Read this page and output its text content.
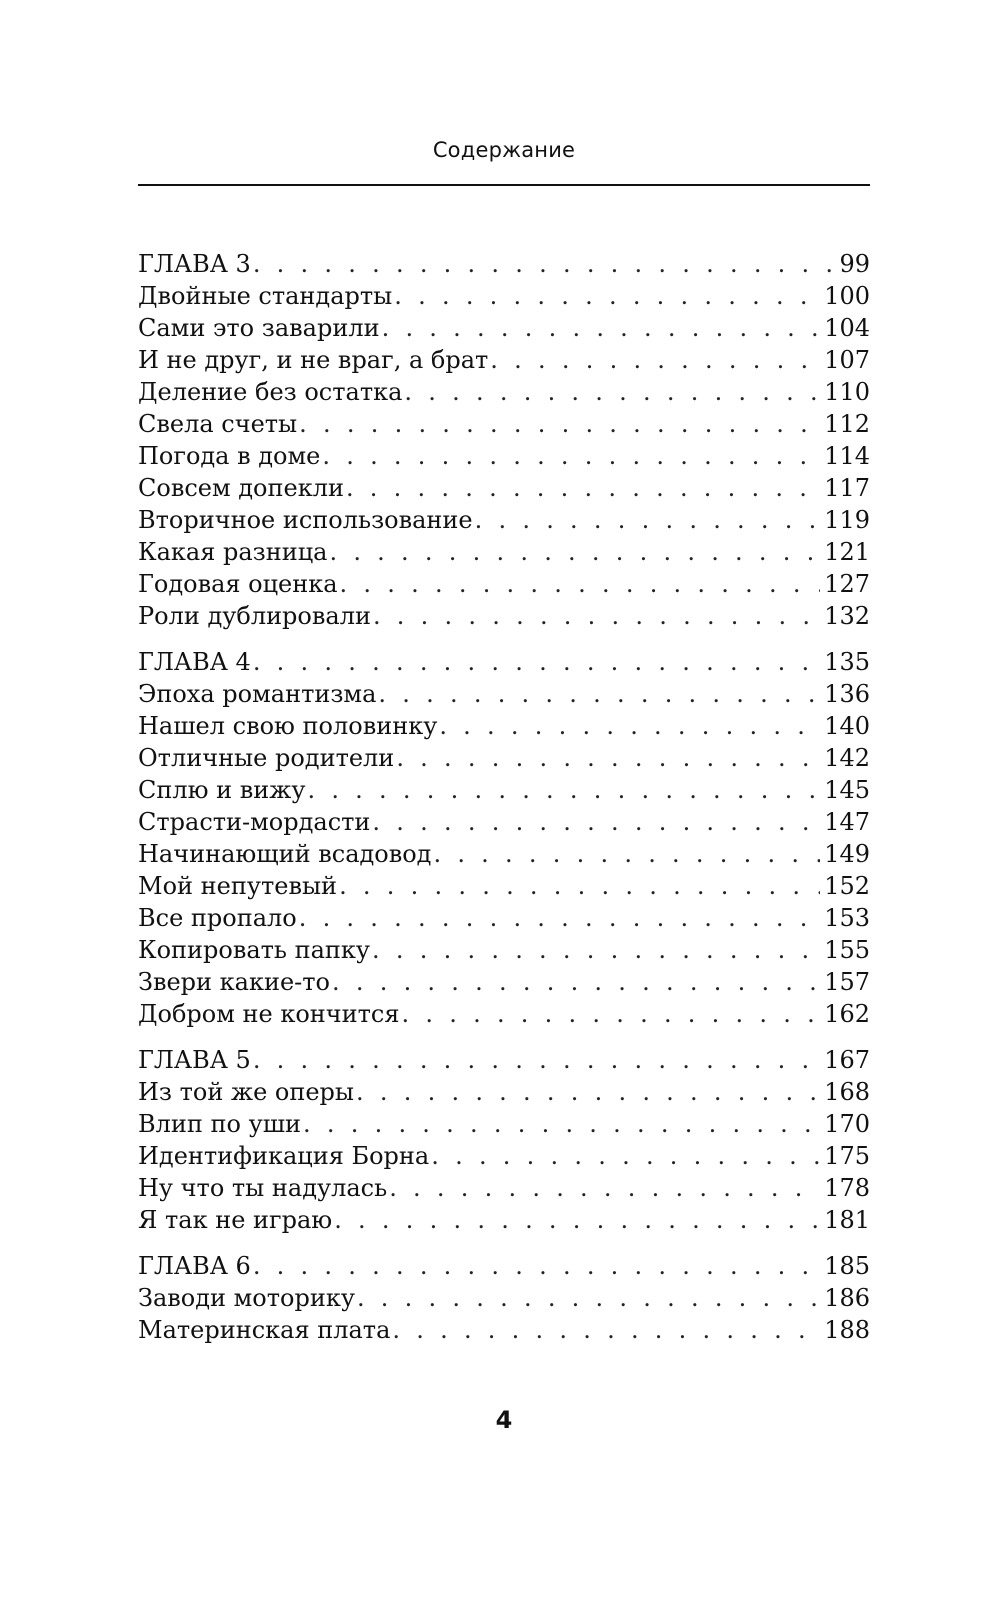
Содержание
ГЛАВА 3 . . .	99
Двойные стандарты . . .	100
Сами это заварили . . .	104
И не друг, и не враг, а брат . . .	107
Деление без остатка . . .	110
Свела счеты . . .	112
Погода в доме . . .	114
Совсем допекли . . .	117
Вторичное использование . . .	119
Какая разница . . .	121
Годовая оценка . . .	127
Роли дублировали . . .	132
ГЛАВА 4 . . .	135
Эпоха романтизма . . .	136
Нашел свою половинку . . .	140
Отличные родители . . .	142
Сплю и вижу . . .	145
Страсти-мордасти . . .	147
Начинающий всадовод . . .	149
Мой непутевый . . .	152
Все пропало . . .	153
Копировать папку . . .	155
Звери какие-то . . .	157
Добром не кончится . . .	162
ГЛАВА 5 . . .	167
Из той же оперы . . .	168
Влип по уши . . .	170
Идентификация Борна . . .	175
Ну что ты надулась . . .	178
Я так не играю . . .	181
ГЛАВА 6 . . .	185
Заводи моторику . . .	186
Материнская плата . . .	188
4
